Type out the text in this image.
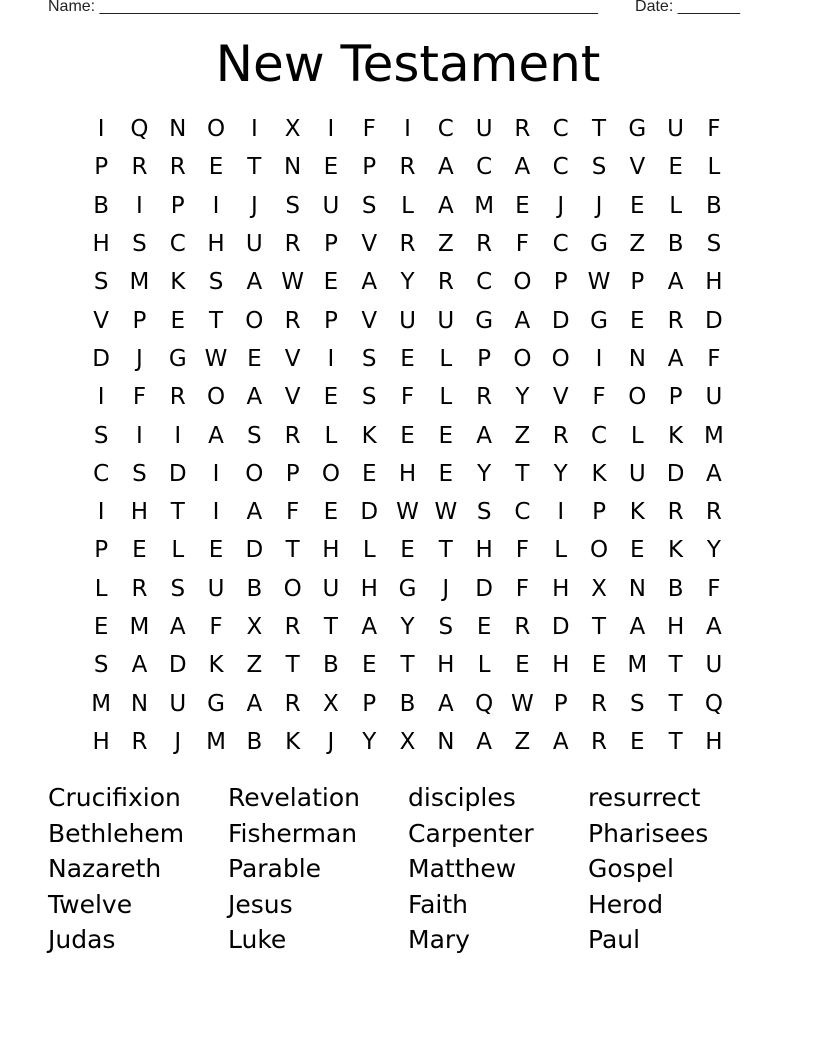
Name: ________________________________________________________ Date: _______
New Testament
I	Q N O	I	X	I	F	I	C U R C	T G U	F
P	R R	E	T N E	P	R A C A C S	V	E	L
B	I	P	I	J	S U S	L	A M E	J	J	E	L	B
H S C H U R	P	V R Z R	F	C G Z B	S
S M K	S	A W E	A	Y	R C O P W P	A H
V	P	E	T O R	P	V U U G A D G E	R D
D	J	G W E	V	I	S	E	L	P O O	I	N A	F
I	F	R O A V	E	S	F	L	R	Y	V	F O P U
S	I	I	A	S	R	L	K	E	E	A Z R C	L	K M
C S D	I	O P O E H E	Y	T	Y	K U D A
I	H T	I	A	F	E D W W S C	I	P	K R R
P	E	L	E D T H	L	E	T H	F	L O E	K	Y
L	R	S U B O U H G	J	D F	H X N B	F
E M A	F	X R	T	A	Y	S	E	R D T	A H A
S	A D K Z	T	B	E	T H	L	E H E M T U
M N U G A R X	P	B A Q W P	R	S	T Q
H R	J	M B K	J	Y	X N A Z A R	E	T H
Crucifixion	Revelation	disciples	resurrect
Bethlehem	Fisherman	Carpenter	Pharisees
Nazareth	Parable	Matthew	Gospel
Twelve	Jesus	Faith	Herod
Judas	Luke	Mary	Paul
